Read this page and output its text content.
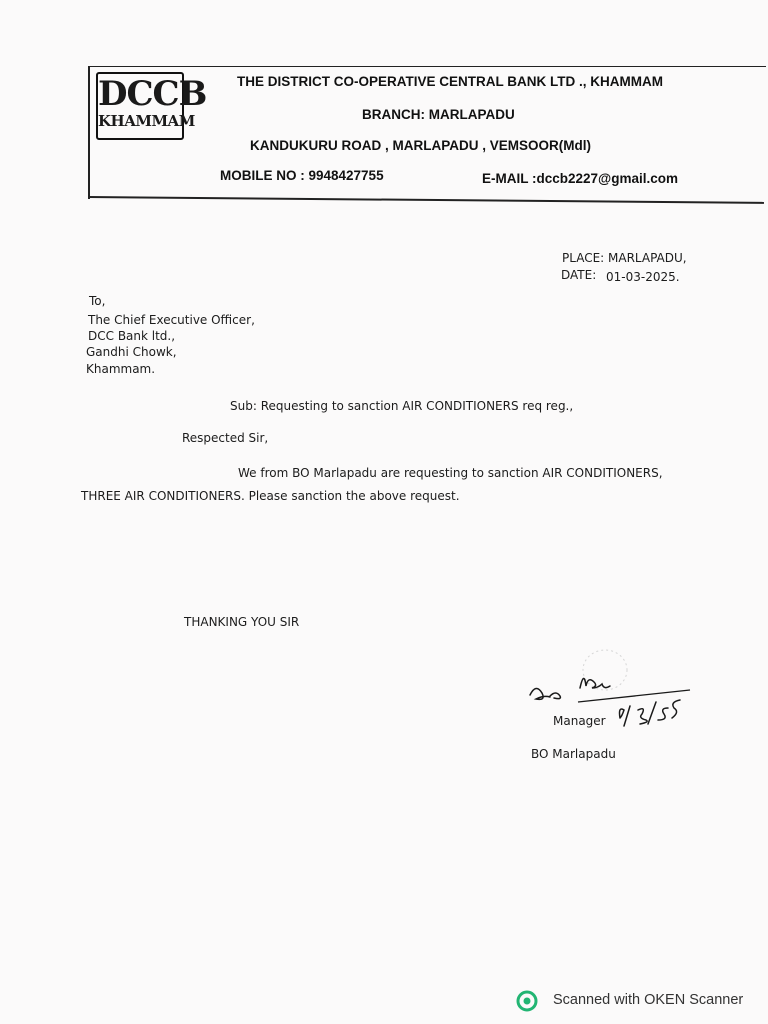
DCCB
KHAMMAM
THE DISTRICT CO-OPERATIVE CENTRAL BANK LTD ., KHAMMAM
BRANCH: MARLAPADU
KANDUKURU ROAD , MARLAPADU , VEMSOOR(Mdl)
MOBILE NO : 9948427755	E-MAIL :dccb2227@gmail.com
PLACE: MARLAPADU,
DATE: 01-03-2025.
To,
The Chief Executive Officer,
DCC Bank ltd.,
Gandhi Chowk,
Khammam.
Sub: Requesting to sanction AIR CONDITIONERS req reg.,
Respected Sir,
We from BO Marlapadu are requesting to sanction AIR CONDITIONERS,
THREE AIR CONDITIONERS. Please sanction the above request.
THANKING YOU SIR
Manager
BO Marlapadu
Scanned with OKEN Scanner
